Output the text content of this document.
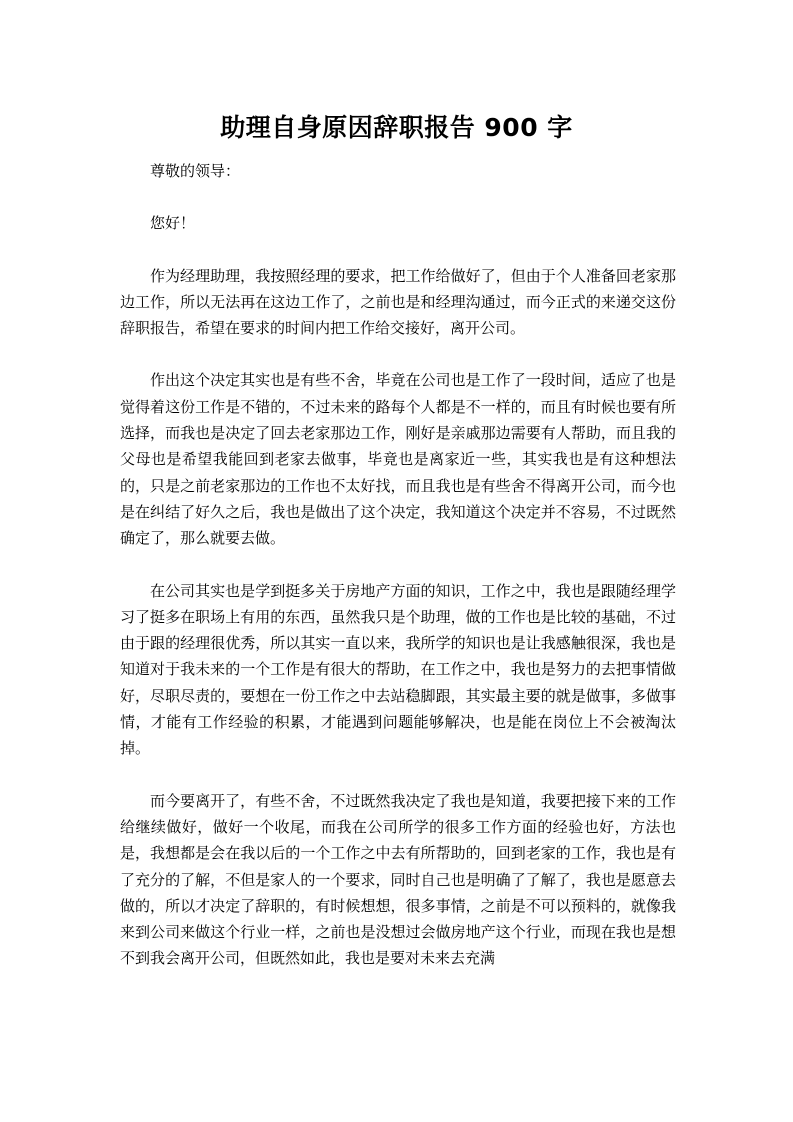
助理自身原因辞职报告 900 字

尊敬的领导：

您好！

作为经理助理，我按照经理的要求，把工作给做好了，但由于个人准备回老家那边工作，所以无法再在这边工作了，之前也是和经理沟通过，而今正式的来递交这份辞职报告，希望在要求的时间内把工作给交接好，离开公司。

作出这个决定其实也是有些不舍，毕竟在公司也是工作了一段时间，适应了也是觉得着这份工作是不错的，不过未来的路每个人都是不一样的，而且有时候也要有所选择，而我也是决定了回去老家那边工作，刚好是亲戚那边需要有人帮助，而且我的父母也是希望我能回到老家去做事，毕竟也是离家近一些，其实我也是有这种想法的，只是之前老家那边的工作也不太好找，而且我也是有些舍不得离开公司，而今也是在纠结了好久之后，我也是做出了这个决定，我知道这个决定并不容易，不过既然确定了，那么就要去做。

在公司其实也是学到挺多关于房地产方面的知识，工作之中，我也是跟随经理学习了挺多在职场上有用的东西，虽然我只是个助理，做的工作也是比较的基础，不过由于跟的经理很优秀，所以其实一直以来，我所学的知识也是让我感触很深，我也是知道对于我未来的一个工作是有很大的帮助，在工作之中，我也是努力的去把事情做好，尽职尽责的，要想在一份工作之中去站稳脚跟，其实最主要的就是做事，多做事情，才能有工作经验的积累，才能遇到问题能够解决，也是能在岗位上不会被淘汰掉。

而今要离开了，有些不舍，不过既然我决定了我也是知道，我要把接下来的工作给继续做好，做好一个收尾，而我在公司所学的很多工作方面的经验也好，方法也是，我想都是会在我以后的一个工作之中去有所帮助的，回到老家的工作，我也是有了充分的了解，不但是家人的一个要求，同时自己也是明确了了解了，我也是愿意去做的，所以才决定了辞职的，有时候想想，很多事情，之前是不可以预料的，就像我来到公司来做这个行业一样，之前也是没想过会做房地产这个行业，而现在我也是想不到我会离开公司，但既然如此，我也是要对未来去充满
